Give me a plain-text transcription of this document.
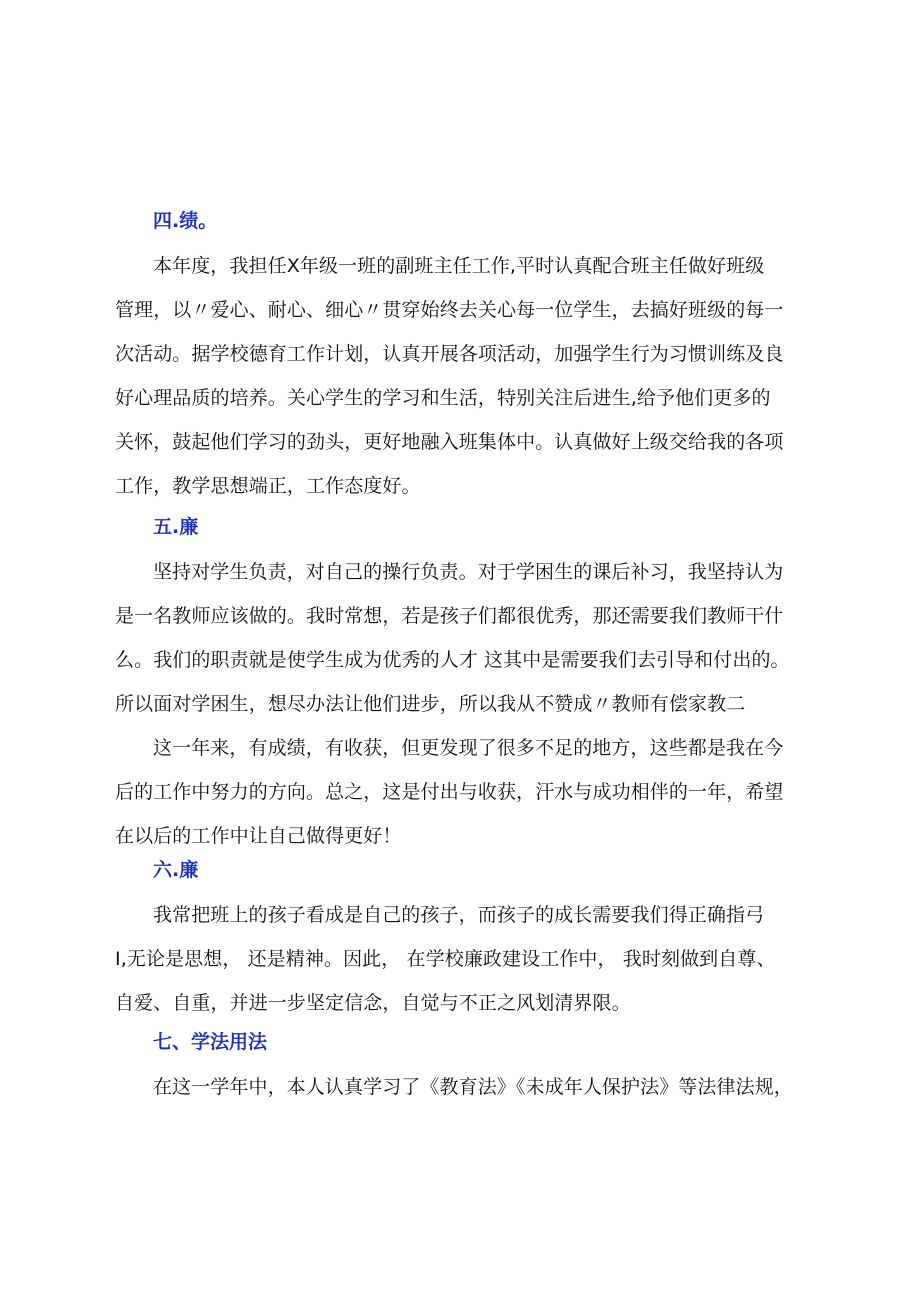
四.绩。
本年度，我担任X年级一班的副班主任工作,平时认真配合班主任做好班级
管理，以〃爱心、耐心、细心〃贯穿始终去关心每一位学生，去搞好班级的每一
次活动。据学校德育工作计划，认真开展各项活动，加强学生行为习惯训练及良
好心理品质的培养。关心学生的学习和生活，特别关注后进生,给予他们更多的
关怀，鼓起他们学习的劲头，更好地融入班集体中。认真做好上级交给我的各项
工作，教学思想端正，工作态度好。
五.廉
坚持对学生负责，对自己的操行负责。对于学困生的课后补习，我坚持认为
是一名教师应该做的。我时常想，若是孩子们都很优秀，那还需要我们教师干什
么。我们的职责就是使学生成为优秀的人才 这其中是需要我们去引导和付出的。
所以面对学困生，想尽办法让他们进步，所以我从不赞成〃教师有偿家教二
这一年来，有成绩，有收获，但更发现了很多不足的地方，这些都是我在今
后的工作中努力的方向。总之，这是付出与收获，汗水与成功相伴的一年，希望
在以后的工作中让自己做得更好！
六.廉
我常把班上的孩子看成是自己的孩子，而孩子的成长需要我们得正确指弓
I,无论是思想， 还是精神。因此， 在学校廉政建设工作中， 我时刻做到自尊、
自爱、自重，并进一步坚定信念，自觉与不正之风划清界限。
七、学法用法
在这一学年中，本人认真学习了《教育法》《未成年人保护法》等法律法规，
